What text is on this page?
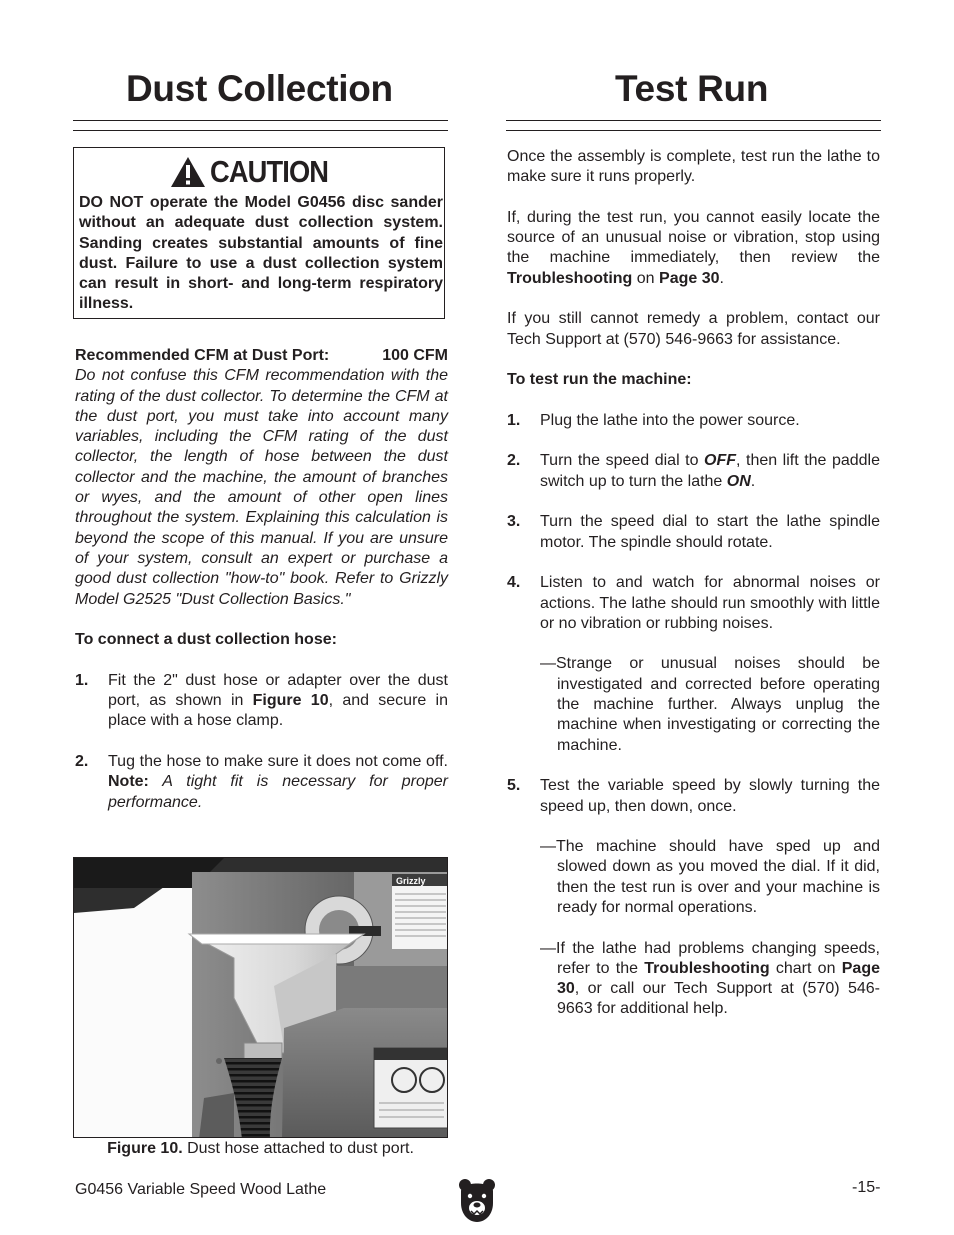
Dust Collection
CAUTION
DO NOT operate the Model G0456 disc sander without an adequate dust collection system. Sanding creates substantial amounts of fine dust. Failure to use a dust collection system can result in short- and long-term respiratory illness.

Recommended CFM at Dust Port:	100 CFM

Do not confuse this CFM recommendation with the rating of the dust collector. To determine the CFM at the dust port, you must take into account many variables, including the CFM rating of the dust collector, the length of hose between the dust collector and the machine, the amount of branches or wyes, and the amount of other open lines throughout the system. Explaining this calculation is beyond the scope of this manual. If you are unsure of your system, consult an expert or purchase a good dust collection "how-to" book. Refer to Grizzly Model G2525 "Dust Collection Basics."

To connect a dust collection hose:

1. Fit the 2" dust hose or adapter over the dust port, as shown in Figure 10, and secure in place with a hose clamp.

2. Tug the hose to make sure it does not come off. Note: A tight fit is necessary for proper performance.

Grizzly
Figure 10. Dust hose attached to dust port.
Test Run

Once the assembly is complete, test run the lathe to make sure it runs properly.

If, during the test run, you cannot easily locate the source of an unusual noise or vibration, stop using the machine immediately, then review the Troubleshooting on Page 30.

If you still cannot remedy a problem, contact our Tech Support at (570) 546-9663 for assistance.

To test run the machine:

1. Plug the lathe into the power source.

2. Turn the speed dial to OFF, then lift the paddle switch up to turn the lathe ON.

3. Turn the speed dial to start the lathe spindle motor. The spindle should rotate.

4. Listen to and watch for abnormal noises or actions. The lathe should run smoothly with little or no vibration or rubbing noises.

—Strange or unusual noises should be investigated and corrected before operating the machine further. Always unplug the machine when investigating or correcting the machine.

5. Test the variable speed by slowly turning the speed up, then down, once.

—The machine should have sped up and slowed down as you moved the dial. If it did, then the test run is over and your machine is ready for normal operations.

—If the lathe had problems changing speeds, refer to the Troubleshooting chart on Page 30, or call our Tech Support at (570) 546-9663 for additional help.

G0456 Variable Speed Wood Lathe	-15-
